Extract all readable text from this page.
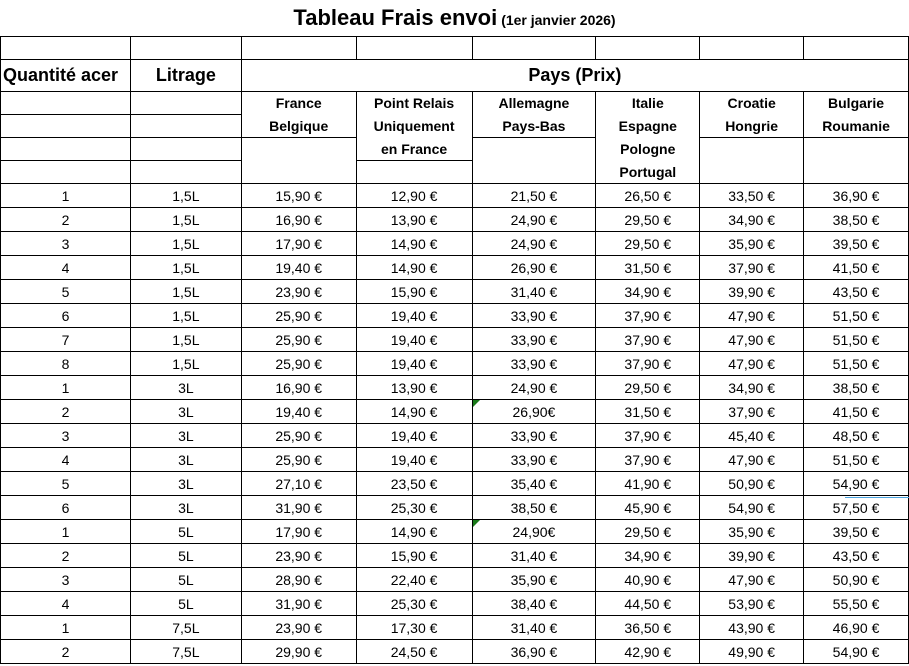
Tableau Frais envoi (1er janvier 2026)

Quantité acer	Litrage	Pays (Prix)					
		France	Point Relais	Allemagne	Italie	Croatie	Bulgarie
		Belgique	Uniquement	Pays-Bas	Espagne	Hongrie	Roumanie
			en France		Pologne		
					Portugal		
1	1,5L	15,90 €	12,90 €	21,50 €	26,50 €	33,50 €	36,90 €
2	1,5L	16,90 €	13,90 €	24,90 €	29,50 €	34,90 €	38,50 €
3	1,5L	17,90 €	14,90 €	24,90 €	29,50 €	35,90 €	39,50 €
4	1,5L	19,40 €	14,90 €	26,90 €	31,50 €	37,90 €	41,50 €
5	1,5L	23,90 €	15,90 €	31,40 €	34,90 €	39,90 €	43,50 €
6	1,5L	25,90 €	19,40 €	33,90 €	37,90 €	47,90 €	51,50 €
7	1,5L	25,90 €	19,40 €	33,90 €	37,90 €	47,90 €	51,50 €
8	1,5L	25,90 €	19,40 €	33,90 €	37,90 €	47,90 €	51,50 €
1	3L	16,90 €	13,90 €	24,90 €	29,50 €	34,90 €	38,50 €
2	3L	19,40 €	14,90 €	26,90€	31,50 €	37,90 €	41,50 €
3	3L	25,90 €	19,40 €	33,90 €	37,90 €	45,40 €	48,50 €
4	3L	25,90 €	19,40 €	33,90 €	37,90 €	47,90 €	51,50 €
5	3L	27,10 €	23,50 €	35,40 €	41,90 €	50,90 €	54,90 €
6	3L	31,90 €	25,30 €	38,50 €	45,90 €	54,90 €	57,50 €
1	5L	17,90 €	14,90 €	24,90€	29,50 €	35,90 €	39,50 €
2	5L	23,90 €	15,90 €	31,40 €	34,90 €	39,90 €	43,50 €
3	5L	28,90 €	22,40 €	35,90 €	40,90 €	47,90 €	50,90 €
4	5L	31,90 €	25,30 €	38,40 €	44,50 €	53,90 €	55,50 €
1	7,5L	23,90 €	17,30 €	31,40 €	36,50 €	43,90 €	46,90 €
2	7,5L	29,90 €	24,50 €	36,90 €	42,90 €	49,90 €	54,90 €
